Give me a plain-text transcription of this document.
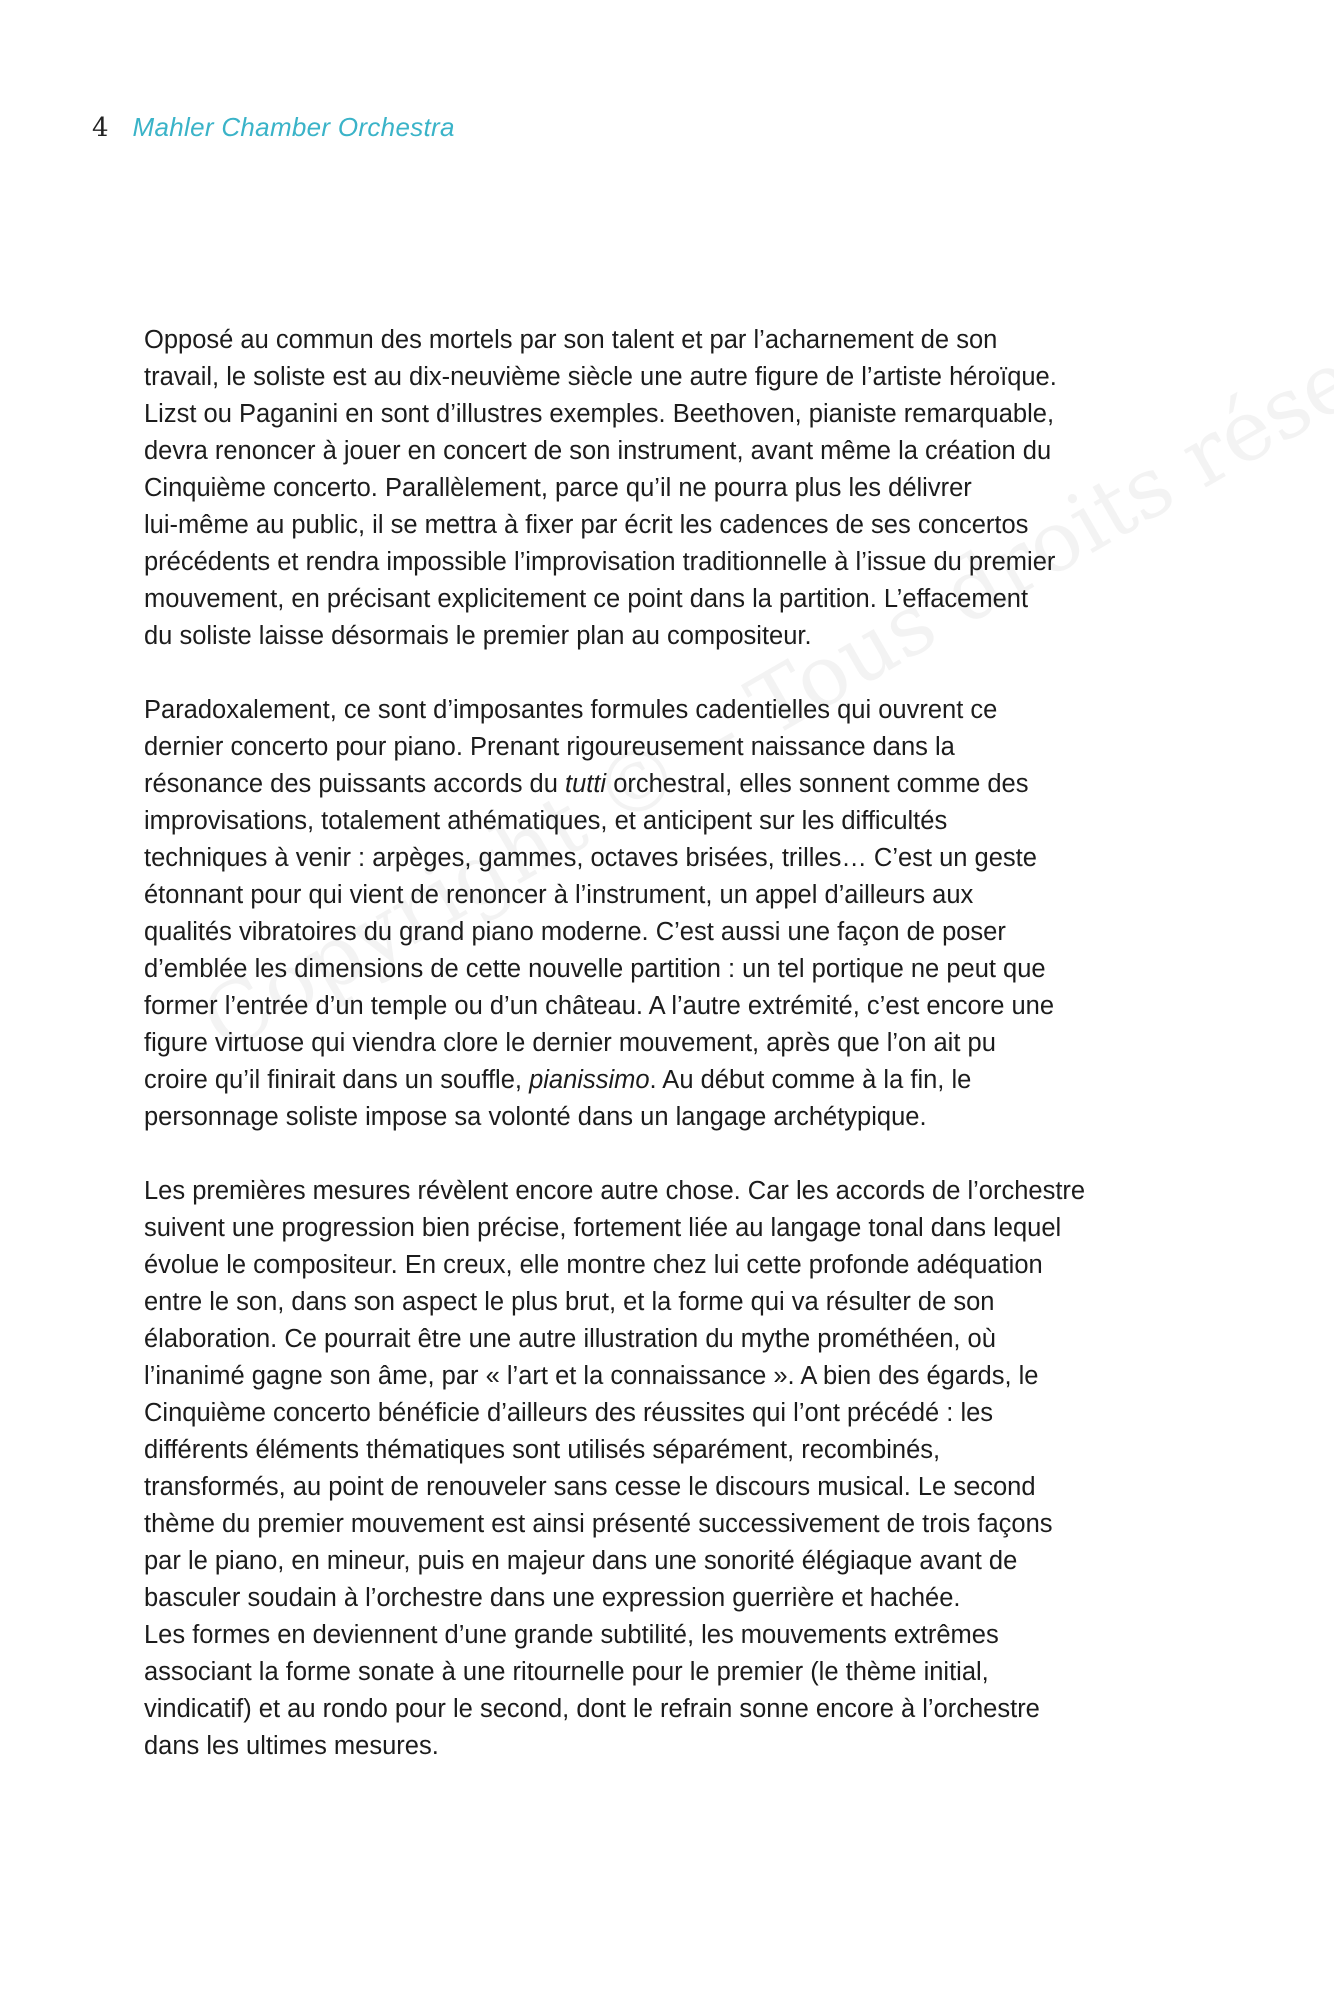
4 Mahler Chamber Orchestra

Opposé au commun des mortels par son talent et par l’acharnement de son
travail, le soliste est au dix-neuvième siècle une autre figure de l’artiste héroïque.
Lizst ou Paganini en sont d’illustres exemples. Beethoven, pianiste remarquable,
devra renoncer à jouer en concert de son instrument, avant même la création du
Cinquième concerto. Parallèlement, parce qu’il ne pourra plus les délivrer
lui-même au public, il se mettra à fixer par écrit les cadences de ses concertos
précédents et rendra impossible l’improvisation traditionnelle à l’issue du premier
mouvement, en précisant explicitement ce point dans la partition. L’effacement
du soliste laisse désormais le premier plan au compositeur.

Paradoxalement, ce sont d’imposantes formules cadentielles qui ouvrent ce
dernier concerto pour piano. Prenant rigoureusement naissance dans la
résonance des puissants accords du tutti orchestral, elles sonnent comme des
improvisations, totalement athématiques, et anticipent sur les difficultés
techniques à venir : arpèges, gammes, octaves brisées, trilles… C’est un geste
étonnant pour qui vient de renoncer à l’instrument, un appel d’ailleurs aux
qualités vibratoires du grand piano moderne. C’est aussi une façon de poser
d’emblée les dimensions de cette nouvelle partition : un tel portique ne peut que
former l’entrée d’un temple ou d’un château. A l’autre extrémité, c’est encore une
figure virtuose qui viendra clore le dernier mouvement, après que l’on ait pu
croire qu’il finirait dans un souffle, pianissimo. Au début comme à la fin, le
personnage soliste impose sa volonté dans un langage archétypique.

Les premières mesures révèlent encore autre chose. Car les accords de l’orchestre
suivent une progression bien précise, fortement liée au langage tonal dans lequel
évolue le compositeur. En creux, elle montre chez lui cette profonde adéquation
entre le son, dans son aspect le plus brut, et la forme qui va résulter de son
élaboration. Ce pourrait être une autre illustration du mythe prométhéen, où
l’inanimé gagne son âme, par « l’art et la connaissance ». A bien des égards, le
Cinquième concerto bénéficie d’ailleurs des réussites qui l’ont précédé : les
différents éléments thématiques sont utilisés séparément, recombinés,
transformés, au point de renouveler sans cesse le discours musical. Le second
thème du premier mouvement est ainsi présenté successivement de trois façons
par le piano, en mineur, puis en majeur dans une sonorité élégiaque avant de
basculer soudain à l’orchestre dans une expression guerrière et hachée.

Les formes en deviennent d’une grande subtilité, les mouvements extrêmes
associant la forme sonate à une ritournelle pour le premier (le thème initial,
vindicatif) et au rondo pour le second, dont le refrain sonne encore à l’orchestre
dans les ultimes mesures.
